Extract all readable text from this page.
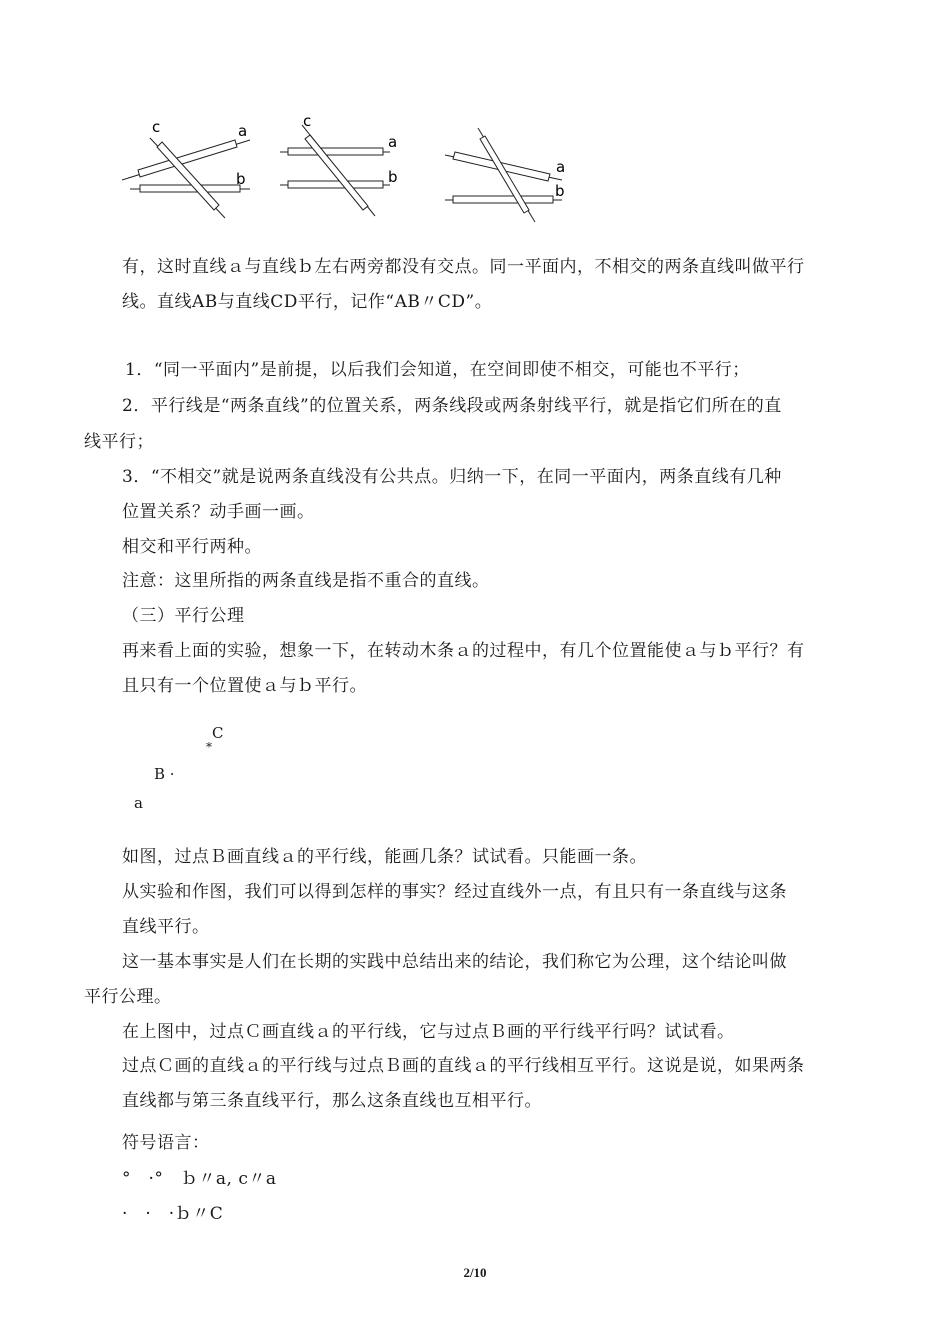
c	a
b
c
a
b
a
b
有，这时直线ａ与直线ｂ左右两旁都没有交点。同一平面内，不相交的两条直线叫做平行
线。直线AB与直线CD平行，记作“AB〃CD”。
1．“同一平面内”是前提，以后我们会知道，在空间即使不相交，可能也不平行；
2．平行线是“两条直线”的位置关系，两条线段或两条射线平行，就是指它们所在的直
线平行；
3．“不相交”就是说两条直线没有公共点。归纳一下，在同一平面内，两条直线有几种
位置关系？动手画一画。
相交和平行两种。
注意：这里所指的两条直线是指不重合的直线。
（三）平行公理
再来看上面的实验，想象一下，在转动木条ａ的过程中，有几个位置能使ａ与ｂ平行？有
且只有一个位置使ａ与ｂ平行。
C
*
B ·
a
如图，过点Ｂ画直线ａ的平行线，能画几条？试试看。只能画一条。
从实验和作图，我们可以得到怎样的事实？经过直线外一点，有且只有一条直线与这条
直线平行。
这一基本事实是人们在长期的实践中总结出来的结论，我们称它为公理，这个结论叫做
平行公理。
在上图中，过点Ｃ画直线ａ的平行线，它与过点Ｂ画的平行线平行吗？试试看。
过点Ｃ画的直线ａ的平行线与过点Ｂ画的直线ａ的平行线相互平行。这说是说，如果两条
直线都与第三条直线平行，那么这条直线也互相平行。
符号语言：
°　·°　ｂ〃a, c〃a
·　·　·ｂ〃C
2/10
